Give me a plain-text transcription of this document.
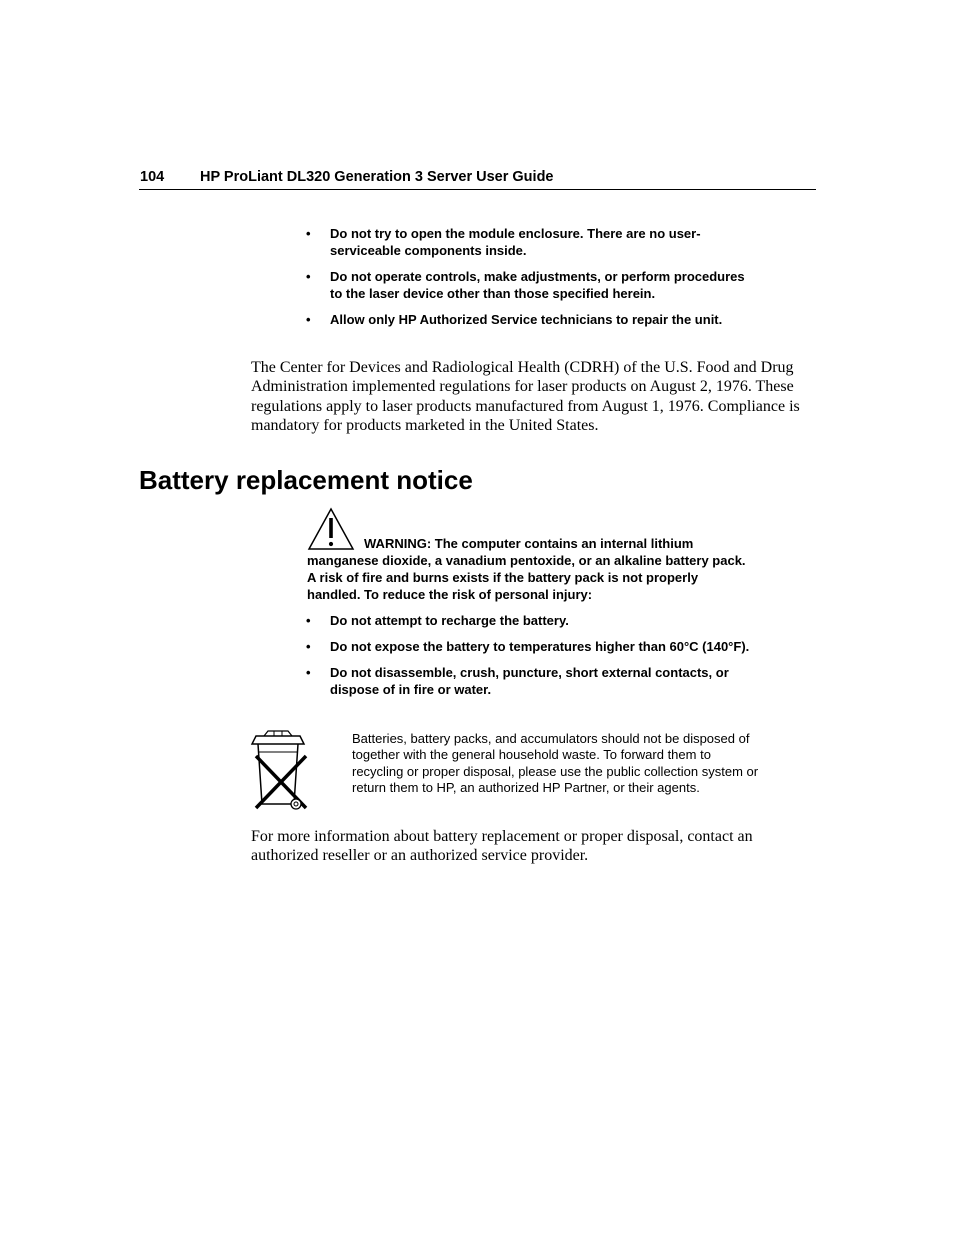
104 HP ProLiant DL320 Generation 3 Server User Guide
• Do not try to open the module enclosure. There are no user-serviceable components inside.
• Do not operate controls, make adjustments, or perform procedures to the laser device other than those specified herein.
• Allow only HP Authorized Service technicians to repair the unit.

The Center for Devices and Radiological Health (CDRH) of the U.S. Food and Drug Administration implemented regulations for laser products on August 2, 1976. These regulations apply to laser products manufactured from August 1, 1976. Compliance is mandatory for products marketed in the United States.

Battery replacement notice

WARNING: The computer contains an internal lithium manganese dioxide, a vanadium pentoxide, or an alkaline battery pack. A risk of fire and burns exists if the battery pack is not properly handled. To reduce the risk of personal injury:

• Do not attempt to recharge the battery.
• Do not expose the battery to temperatures higher than 60°C (140°F).
• Do not disassemble, crush, puncture, short external contacts, or dispose of in fire or water.

Batteries, battery packs, and accumulators should not be disposed of together with the general household waste. To forward them to recycling or proper disposal, please use the public collection system or return them to HP, an authorized HP Partner, or their agents.

For more information about battery replacement or proper disposal, contact an authorized reseller or an authorized service provider.
